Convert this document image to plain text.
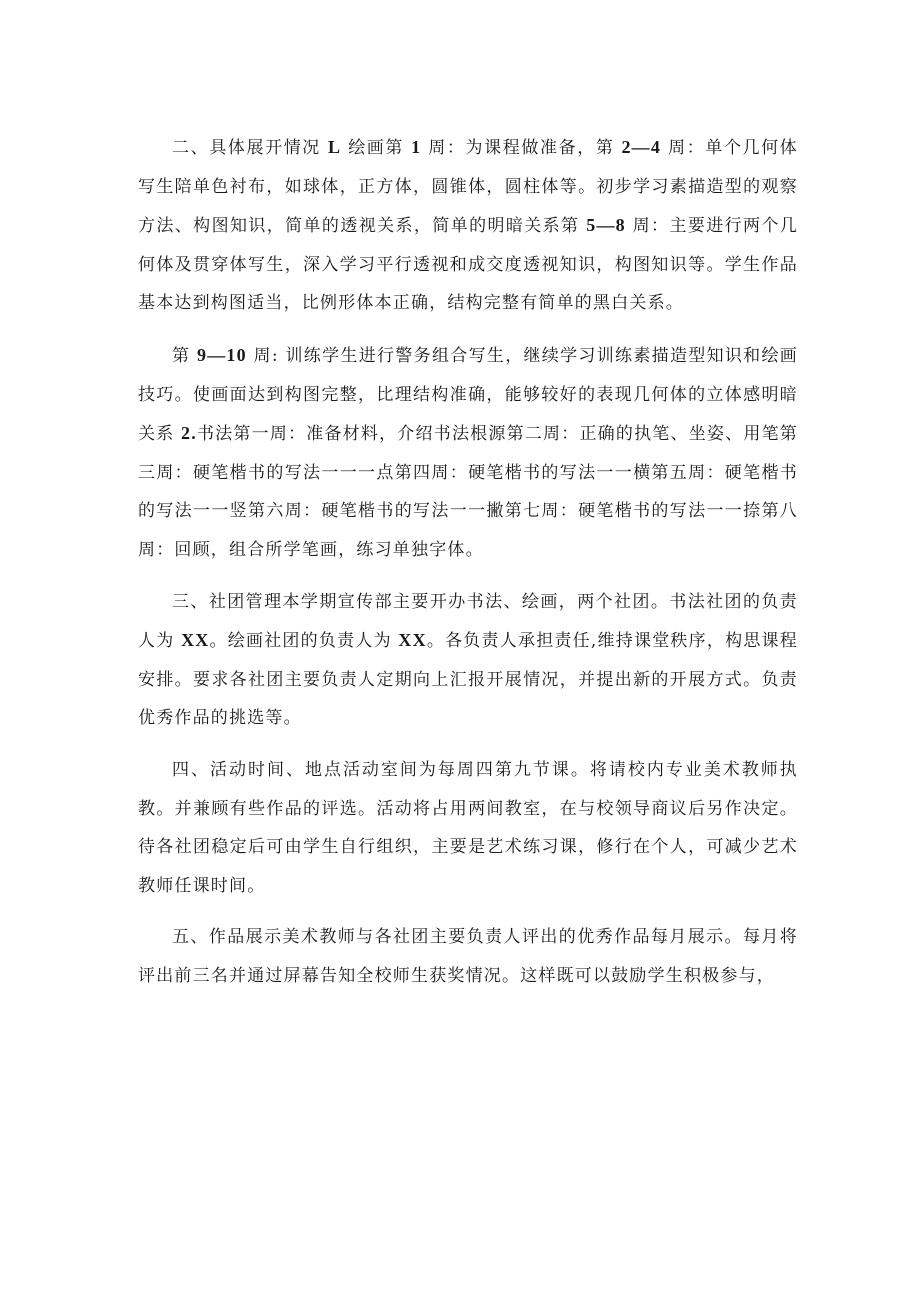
二、具体展开情况 L 绘画第 1 周：为课程做准备，第 2—4 周：单个几何体写生陪单色衬布，如球体，正方体，圆锥体，圆柱体等。初步学习素描造型的观察方法、构图知识，简单的透视关系，简单的明暗关系第 5—8 周：主要进行两个几何体及贯穿体写生，深入学习平行透视和成交度透视知识，构图知识等。学生作品基本达到构图适当，比例形体本正确，结构完整有简单的黑白关系。

第 9—10 周: 训练学生进行警务组合写生，继续学习训练素描造型知识和绘画技巧。使画面达到构图完整，比理结构准确，能够较好的表现几何体的立体感明暗关系 2.书法第一周：准备材料，介绍书法根源第二周：正确的执笔、坐姿、用笔第三周：硬笔楷书的写法一一一点第四周：硬笔楷书的写法一一横第五周：硬笔楷书的写法一一竖第六周：硬笔楷书的写法一一撇第七周：硬笔楷书的写法一一捺第八周：回顾，组合所学笔画，练习单独字体。

三、社团管理本学期宣传部主要开办书法、绘画，两个社团。书法社团的负责人为 XX。绘画社团的负责人为 XX。各负责人承担责任,维持课堂秩序，构思课程安排。要求各社团主要负责人定期向上汇报开展情况，并提出新的开展方式。负责优秀作品的挑选等。

四、活动时间、地点活动室间为每周四第九节课。将请校内专业美术教师执教。并兼顾有些作品的评选。活动将占用两间教室，在与校领导商议后另作决定。待各社团稳定后可由学生自行组织，主要是艺术练习课，修行在个人，可减少艺术教师任课时间。

五、作品展示美术教师与各社团主要负责人评出的优秀作品每月展示。每月将评出前三名并通过屏幕告知全校师生获奖情况。这样既可以鼓励学生积极参与，
